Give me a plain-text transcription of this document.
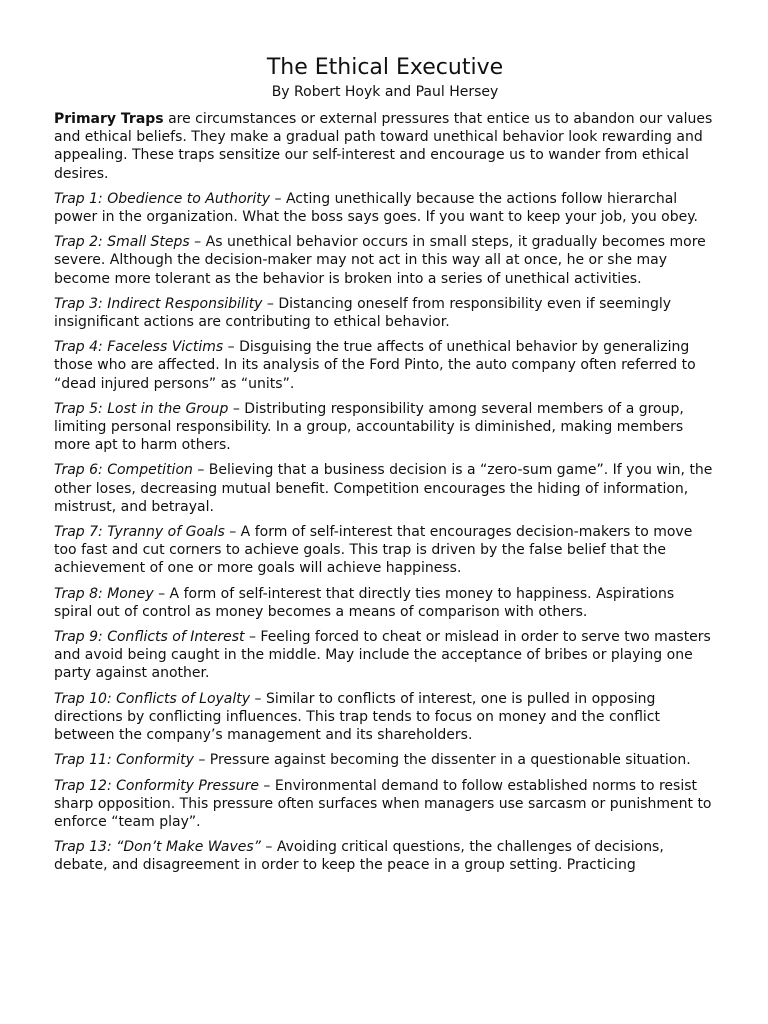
The Ethical Executive
By Robert Hoyk and Paul Hersey

Primary Traps are circumstances or external pressures that entice us to abandon our values and ethical beliefs. They make a gradual path toward unethical behavior look rewarding and appealing. These traps sensitize our self-interest and encourage us to wander from ethical desires.

Trap 1: Obedience to Authority – Acting unethically because the actions follow hierarchal power in the organization. What the boss says goes. If you want to keep your job, you obey.

Trap 2: Small Steps – As unethical behavior occurs in small steps, it gradually becomes more severe. Although the decision-maker may not act in this way all at once, he or she may become more tolerant as the behavior is broken into a series of unethical activities.

Trap 3: Indirect Responsibility – Distancing oneself from responsibility even if seemingly insignificant actions are contributing to ethical behavior.

Trap 4: Faceless Victims – Disguising the true affects of unethical behavior by generalizing those who are affected. In its analysis of the Ford Pinto, the auto company often referred to “dead injured persons” as “units”.

Trap 5: Lost in the Group – Distributing responsibility among several members of a group, limiting personal responsibility. In a group, accountability is diminished, making members more apt to harm others.

Trap 6: Competition – Believing that a business decision is a “zero-sum game”. If you win, the other loses, decreasing mutual benefit. Competition encourages the hiding of information, mistrust, and betrayal.

Trap 7: Tyranny of Goals – A form of self-interest that encourages decision-makers to move too fast and cut corners to achieve goals. This trap is driven by the false belief that the achievement of one or more goals will achieve happiness.

Trap 8: Money – A form of self-interest that directly ties money to happiness. Aspirations spiral out of control as money becomes a means of comparison with others.

Trap 9: Conflicts of Interest – Feeling forced to cheat or mislead in order to serve two masters and avoid being caught in the middle. May include the acceptance of bribes or playing one party against another.

Trap 10: Conflicts of Loyalty – Similar to conflicts of interest, one is pulled in opposing directions by conflicting influences. This trap tends to focus on money and the conflict between the company’s management and its shareholders.

Trap 11: Conformity – Pressure against becoming the dissenter in a questionable situation.

Trap 12: Conformity Pressure – Environmental demand to follow established norms to resist sharp opposition. This pressure often surfaces when managers use sarcasm or punishment to enforce “team play”.

Trap 13: “Don’t Make Waves” – Avoiding critical questions, the challenges of decisions, debate, and disagreement in order to keep the peace in a group setting. Practicing
